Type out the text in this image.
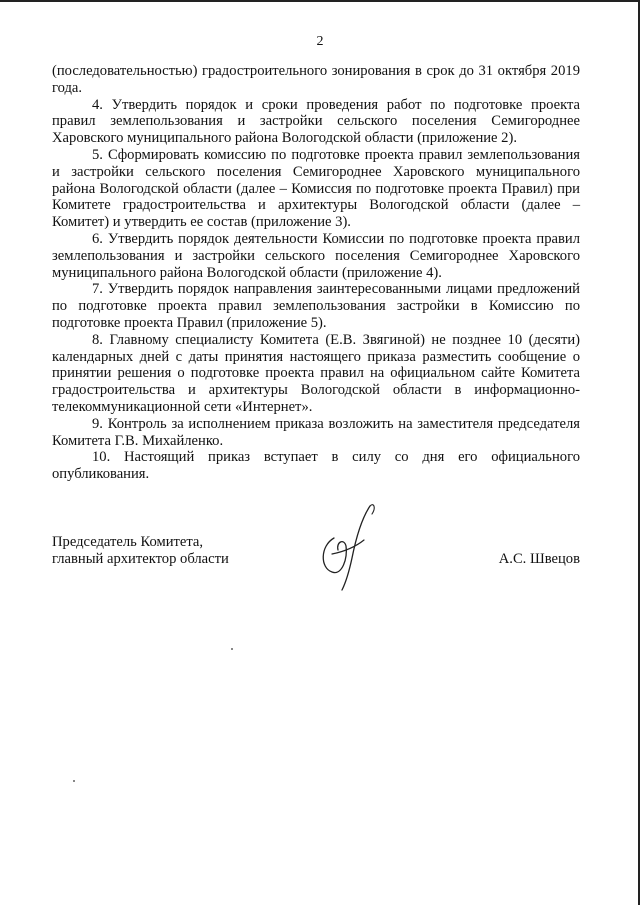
2

(последовательностью) градостроительного зонирования в срок до 31 октября 2019 года.

4. Утвердить порядок и сроки проведения работ по подготовке проекта правил землепользования и застройки сельского поселения Семигороднее Харовского муниципального района Вологодской области (приложение 2).

5. Сформировать комиссию по подготовке проекта правил землепользования и застройки сельского поселения Семигороднее Харовского муниципального района Вологодской области (далее – Комиссия по подготовке проекта Правил) при Комитете градостроительства и архитектуры Вологодской области (далее – Комитет) и утвердить ее состав (приложение 3).

6. Утвердить порядок деятельности Комиссии по подготовке проекта правил землепользования и застройки сельского поселения Семигороднее Харовского муниципального района Вологодской области (приложение 4).

7. Утвердить порядок направления заинтересованными лицами предложений по подготовке проекта правил землепользования застройки в Комиссию по подготовке проекта Правил (приложение 5).

8. Главному специалисту Комитета (Е.В. Звягиной) не позднее 10 (десяти) календарных дней с даты принятия настоящего приказа разместить сообщение о принятии решения о подготовке проекта правил на официальном сайте Комитета градостроительства и архитектуры Вологодской области в информационно-телекоммуникационной сети «Интернет».

9. Контроль за исполнением приказа возложить на заместителя председателя Комитета Г.В. Михайленко.

10. Настоящий приказ вступает в силу со дня его официального опубликования.

Председатель Комитета,
главный архитектор области	А.С. Швецов
